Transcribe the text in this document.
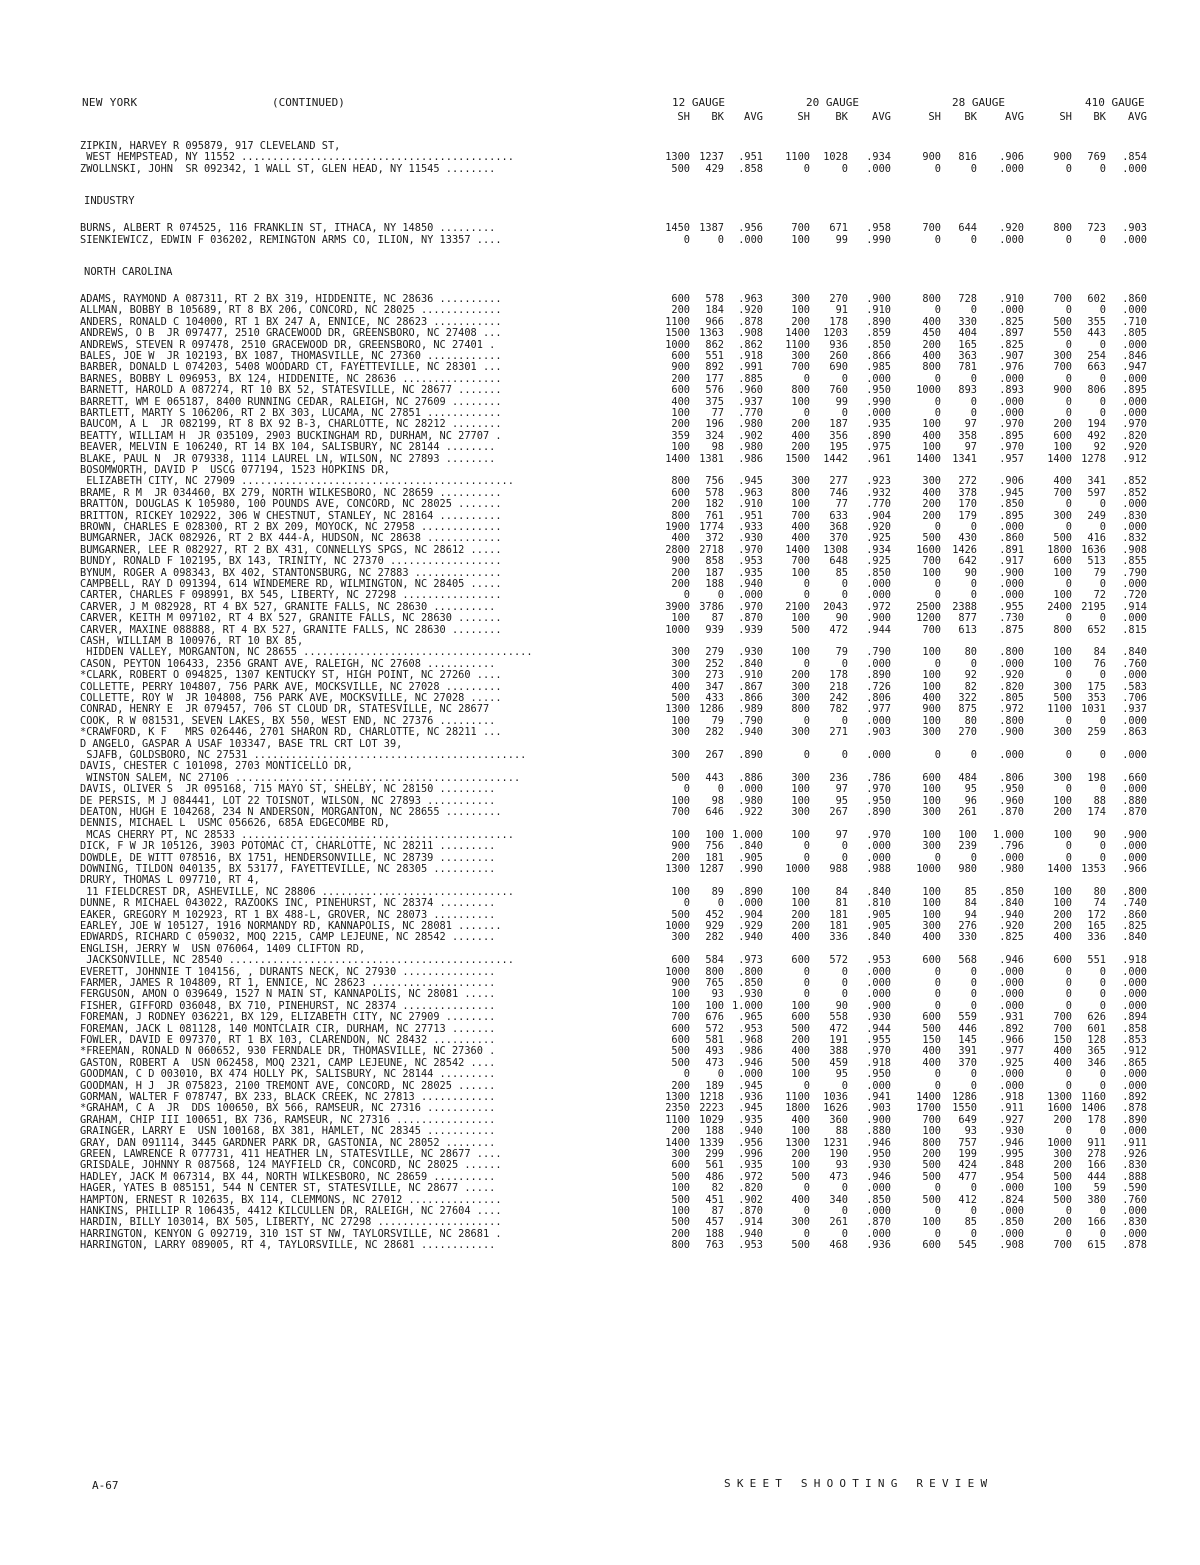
NEW YORK	(CONTINUED)	12 GAUGE	20 GAUGE	28 GAUGE	410 GAUGE
SH	BK	AVG	SH	BK	AVG	SH	BK	AVG	SH	BK	AVG
ZIPKIN, HARVEY R 095879, 917 CLEVELAND ST,
WEST HEMPSTEAD, NY 11552 ............................................	1300 1237	.951	1100	1028	.934	900	816	.906	900	769	.854
ZWOLLNSKI, JOHN  SR 092342, 1 WALL ST, GLEN HEAD, NY 11545 ........	500	429	.858	0	0	.000	0	0	.000	0	0	.000
INDUSTRY
BURNS, ALBERT R 074525, 116 FRANKLIN ST, ITHACA, NY 14850 .........	1450 1387	.956	700	671	.958	700	644	.920	800	723	.903
SIENKIEWICZ, EDWIN F 036202, REMINGTON ARMS CO, ILION, NY 13357 ....	0	0	.000	100	99	.990	0	0	.000	0	0	.000
NORTH CAROLINA
ADAMS, RAYMOND A 087311, RT 2 BX 319, HIDDENITE, NC 28636 ..........	600	578	.963	300	270	.900	800	728	.910	700	602	.860
ALLMAN, BOBBY B 105689, RT 8 BX 206, CONCORD, NC 28025 .............	200	184	.920	100	91	.910	0	0	.000	0	0	.000
ANDERS, RONALD C 104000, RT 1 BX 247 A, ENNICE, NC 28623 ...........	1100	966	.878	200	178	.890	400	330	.825	500	355	.710
ANDREWS, O B  JR 097477, 2510 GRACEWOOD DR, GREENSBORO, NC 27408 ...	1500 1363	.908	1400	1203	.859	450	404	.897	550	443	.805
ANDREWS, STEVEN R 097478, 2510 GRACEWOOD DR, GREENSBORO, NC 27401 .	1000	862	.862	1100	936	.850	200	165	.825	0	0	.000
BALES, JOE W  JR 102193, BX 1087, THOMASVILLE, NC 27360 ............	600	551	.918	300	260	.866	400	363	.907	300	254	.846
BARBER, DONALD L 074203, 5408 WOODARD CT, FAYETTEVILLE, NC 28301 ...	900	892	.991	700	690	.985	800	781	.976	700	663	.947
BARNES, BOBBY L 096953, BX 124, HIDDENITE, NC 28636 ................	200	177	.885	0	0	.000	0	0	.000	0	0	.000
BARNETT, HAROLD A 087274, RT 10 BX 52, STATESVILLE, NC 28677 .......	600	576	.960	800	760	.950	1000	893	.893	900	806	.895
BARRETT, WM E 065187, 8400 RUNNING CEDAR, RALEIGH, NC 27609 ........	400	375	.937	100	99	.990	0	0	.000	0	0	.000
BARTLETT, MARTY S 106206, RT 2 BX 303, LUCAMA, NC 27851 ............	100	77	.770	0	0	.000	0	0	.000	0	0	.000
BAUCOM, A L  JR 082199, RT 8 BX 92 B-3, CHARLOTTE, NC 28212 ........	200	196	.980	200	187	.935	100	97	.970	200	194	.970
BEATTY, WILLIAM H  JR 035109, 2903 BUCKINGHAM RD, DURHAM, NC 27707 .	359	324	.902	400	356	.890	400	358	.895	600	492	.820
BEAVER, MELVIN E 106240, RT 14 BX 104, SALISBURY, NC 28144 ........	100	98	.980	200	195	.975	100	97	.970	100	92	.920
BLAKE, PAUL N  JR 079338, 1114 LAUREL LN, WILSON, NC 27893 ........	1400 1381	.986	1500	1442	.961	1400	1341	.957	1400 1278	.912
BOSOMWORTH, DAVID P  USCG 077194, 1523 HOPKINS DR,
ELIZABETH CITY, NC 27909 ............................................	800	756	.945	300	277	.923	300	272	.906	400	341	.852
BRAME, R M  JR 034460, BX 279, NORTH WILKESBORO, NC 28659 ..........	600	578	.963	800	746	.932	400	378	.945	700	597	.852
BRATTON, DOUGLAS K 105980, 100 POUNDS AVE, CONCORD, NC 28025 .......	200	182	.910	100	77	.770	200	170	.850	0	0	.000
BRITTON, RICKEY 102922, 306 W CHESTNUT, STANLEY, NC 28164 ..........	800	761	.951	700	633	.904	200	179	.895	300	249	.830
BROWN, CHARLES E 028300, RT 2 BX 209, MOYOCK, NC 27958 .............	1900 1774	.933	400	368	.920	0	0	.000	0	0	.000
BUMGARNER, JACK 082926, RT 2 BX 444-A, HUDSON, NC 28638 ............	400	372	.930	400	370	.925	500	430	.860	500	416	.832
BUMGARNER, LEE R 082927, RT 2 BX 431, CONNELLYS SPGS, NC 28612 .....	2800 2718	.970	1400	1308	.934	1600	1426	.891	1800 1636	.908
BUNDY, RONALD F 102195, BX 143, TRINITY, NC 27370 ..................	900	858	.953	700	648	.925	700	642	.917	600	513	.855
BYNUM, ROGER A 098343, BX 402, STANTONSBURG, NC 27883 ..............	200	187	.935	100	85	.850	100	90	.900	100	79	.790
CAMPBELL, RAY D 091394, 614 WINDEMERE RD, WILMINGTON, NC 28405 .....	200	188	.940	0	0	.000	0	0	.000	0	0	.000
CARTER, CHARLES F 098991, BX 545, LIBERTY, NC 27298 ................	0	0	.000	0	0	.000	0	0	.000	100	72	.720
CARVER, J M 082928, RT 4 BX 527, GRANITE FALLS, NC 28630 ..........	3900 3786	.970	2100	2043	.972	2500	2388	.955	2400 2195	.914
CARVER, KEITH M 097102, RT 4 BX 527, GRANITE FALLS, NC 28630 .......	100	87	.870	100	90	.900	1200	877	.730	0	0	.000
CARVER, MAXINE 088888, RT 4 BX 527, GRANITE FALLS, NC 28630 ........	1000	939	.939	500	472	.944	700	613	.875	800	652	.815
CASH, WILLIAM B 100976, RT 10 BX 85,
HIDDEN VALLEY, MORGANTON, NC 28655 .....................................	300	279	.930	100	79	.790	100	80	.800	100	84	.840
CASON, PEYTON 106433, 2356 GRANT AVE, RALEIGH, NC 27608 ...........	300	252	.840	0	0	.000	0	0	.000	100	76	.760
*CLARK, ROBERT O 094825, 1307 KENTUCKY ST, HIGH POINT, NC 27260 ....	300	273	.910	200	178	.890	100	92	.920	0	0	.000
COLLETTE, PERRY 104807, 756 PARK AVE, MOCKSVILLE, NC 27028 .........	400	347	.867	300	218	.726	100	82	.820	300	175	.583
COLLETTE, ROY W  JR 104808, 756 PARK AVE, MOCKSVILLE, NC 27028 .....	500	433	.866	300	242	.806	400	322	.805	500	353	.706
CONRAD, HENRY E  JR 079457, 706 ST CLOUD DR, STATESVILLE, NC 28677	1300 1286	.989	800	782	.977	900	875	.972	1100 1031	.937
COOK, R W 081531, SEVEN LAKES, BX 550, WEST END, NC 27376 .........	100	79	.790	0	0	.000	100	80	.800	0	0	.000
*CRAWFORD, K F   MRS 026446, 2701 SHARON RD, CHARLOTTE, NC 28211 ...	300	282	.940	300	271	.903	300	270	.900	300	259	.863
D ANGELO, GASPAR A USAF 103347, BASE TRL CRT LOT 39,
SJAFB, GOLDSBORO, NC 27531 ............................................	300	267	.890	0	0	.000	0	0	.000	0	0	.000
DAVIS, CHESTER C 101098, 2703 MONTICELLO DR,
WINSTON SALEM, NC 27106 ..............................................	500	443	.886	300	236	.786	600	484	.806	300	198	.660
DAVIS, OLIVER S  JR 095168, 715 MAYO ST, SHELBY, NC 28150 .........	0	0	.000	100	97	.970	100	95	.950	0	0	.000
DE PERSIS, M J 084441, LOT 22 TOISNOT, WILSON, NC 27893 ...........	100	98	.980	100	95	.950	100	96	.960	100	88	.880
DEATON, HUGH E 104268, 234 N ANDERSON, MORGANTON, NC 28655 .........	700	646	.922	300	267	.890	300	261	.870	200	174	.870
DENNIS, MICHAEL L  USMC 056626, 685A EDGECOMBE RD,
MCAS CHERRY PT, NC 28533 ............................................	100	100 1.000	100	97	.970	100	100	1.000	100	90	.900
DICK, F W JR 105126, 3903 POTOMAC CT, CHARLOTTE, NC 28211 .........	900	756	.840	0	0	.000	300	239	.796	0	0	.000
DOWDLE, DE WITT 078516, BX 1751, HENDERSONVILLE, NC 28739 .........	200	181	.905	0	0	.000	0	0	.000	0	0	.000
DOWNING, TILDON 040135, BX 53177, FAYETTEVILLE, NC 28305 ..........	1300 1287	.990	1000	988	.988	1000	980	.980	1400 1353	.966
DRURY, THOMAS L 097710, RT 4,
11 FIELDCREST DR, ASHEVILLE, NC 28806 ...............................	100	89	.890	100	84	.840	100	85	.850	100	80	.800
DUNNE, R MICHAEL 043022, RAZOOKS INC, PINEHURST, NC 28374 .........	0	0	.000	100	81	.810	100	84	.840	100	74	.740
EAKER, GREGORY M 102923, RT 1 BX 488-L, GROVER, NC 28073 ..........	500	452	.904	200	181	.905	100	94	.940	200	172	.860
EARLEY, JOE W 105127, 1916 NORMANDY RD, KANNAPOLIS, NC 28081 .......	1000	929	.929	200	181	.905	300	276	.920	200	165	.825
EDWARDS, RICHARD C 059032, MOQ 2215, CAMP LEJEUNE, NC 28542 .......	300	282	.940	400	336	.840	400	330	.825	400	336	.840
ENGLISH, JERRY W  USN 076064, 1409 CLIFTON RD,
JACKSONVILLE, NC 28540 ..............................................	600	584	.973	600	572	.953	600	568	.946	600	551	.918
EVERETT, JOHNNIE T 104156, , DURANTS NECK, NC 27930 ...............	1000	800	.800	0	0	.000	0	0	.000	0	0	.000
FARMER, JAMES R 104809, RT 1, ENNICE, NC 28623 ....................	900	765	.850	0	0	.000	0	0	.000	0	0	.000
FERGUSON, AMON O 039649, 1527 N MAIN ST, KANNAPOLIS, NC 28081 .....	100	93	.930	0	0	.000	0	0	.000	0	0	.000
FISHER, GIFFORD 036048, BX 710, PINEHURST, NC 28374 ...............	100	100 1.000	100	90	.900	0	0	.000	0	0	.000
FOREMAN, J RODNEY 036221, BX 129, ELIZABETH CITY, NC 27909 ........	700	676	.965	600	558	.930	600	559	.931	700	626	.894
FOREMAN, JACK L 081128, 140 MONTCLAIR CIR, DURHAM, NC 27713 .......	600	572	.953	500	472	.944	500	446	.892	700	601	.858
FOWLER, DAVID E 097370, RT 1 BX 103, CLARENDON, NC 28432 ..........	600	581	.968	200	191	.955	150	145	.966	150	128	.853
*FREEMAN, RONALD N 060652, 930 FERNDALE DR, THOMASVILLE, NC 27360 .	500	493	.986	400	388	.970	400	391	.977	400	365	.912
GASTON, ROBERT A  USN 062458, MOQ 2321, CAMP LEJEUNE, NC 28542 ....	500	473	.946	500	459	.918	400	370	.925	400	346	.865
GOODMAN, C D 003010, BX 474 HOLLY PK, SALISBURY, NC 28144 .........	0	0	.000	100	95	.950	0	0	.000	0	0	.000
GOODMAN, H J  JR 075823, 2100 TREMONT AVE, CONCORD, NC 28025 ......	200	189	.945	0	0	.000	0	0	.000	0	0	.000
GORMAN, WALTER F 078747, BX 233, BLACK CREEK, NC 27813 ............	1300 1218	.936	1100	1036	.941	1400	1286	.918	1300 1160	.892
*GRAHAM, C A  JR  DDS 100650, BX 566, RAMSEUR, NC 27316 ...........	2350 2223	.945	1800	1626	.903	1700	1550	.911	1600 1406	.878
GRAHAM, CHIP III 100651, BX 736, RAMSEUR, NC 27316 ................	1100 1029	.935	400	360	.900	700	649	.927	200	178	.890
GRAINGER, LARRY E  USN 100168, BX 381, HAMLET, NC 28345 ...........	200	188	.940	100	88	.880	100	93	.930	0	0	.000
GRAY, DAN 091114, 3445 GARDNER PARK DR, GASTONIA, NC 28052 ........	1400 1339	.956	1300	1231	.946	800	757	.946	1000	911	.911
GREEN, LAWRENCE R 077731, 411 HEATHER LN, STATESVILLE, NC 28677 ....	300	299	.996	200	190	.950	200	199	.995	300	278	.926
GRISDALE, JOHNNY R 087568, 124 MAYFIELD CR, CONCORD, NC 28025 ......	600	561	.935	100	93	.930	500	424	.848	200	166	.830
HADLEY, JACK M 067314, BX 44, NORTH WILKESBORO, NC 28659 ..........	500	486	.972	500	473	.946	500	477	.954	500	444	.888
HAGER, YATES B 085151, 544 N CENTER ST, STATESVILLE, NC 28677 .....	100	82	.820	0	0	.000	0	0	.000	100	59	.590
HAMPTON, ERNEST R 102635, BX 114, CLEMMONS, NC 27012 ...............	500	451	.902	400	340	.850	500	412	.824	500	380	.760
HANKINS, PHILLIP R 106435, 4412 KILCULLEN DR, RALEIGH, NC 27604 ....	100	87	.870	0	0	.000	0	0	.000	0	0	.000
HARDIN, BILLY 103014, BX 505, LIBERTY, NC 27298 ....................	500	457	.914	300	261	.870	100	85	.850	200	166	.830
HARRINGTON, KENYON G 092719, 310 1ST ST NW, TAYLORSVILLE, NC 28681 .	200	188	.940	0	0	.000	0	0	.000	0	0	.000
HARRINGTON, LARRY 089005, RT 4, TAYLORSVILLE, NC 28681 ............	800	763	.953	500	468	.936	600	545	.908	700	615	.878
A-67	SKEET SHOOTING REVIEW
